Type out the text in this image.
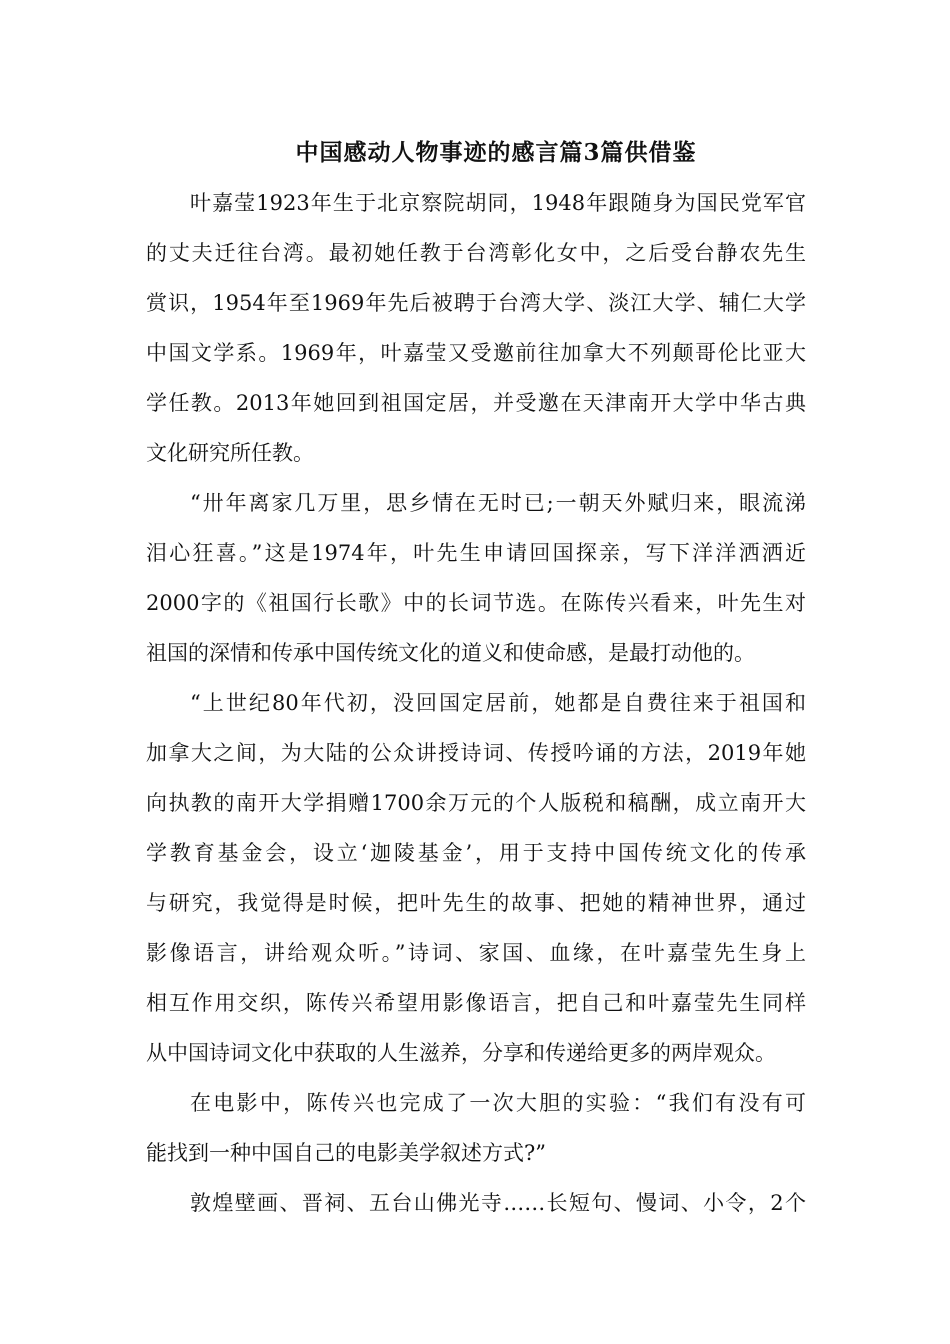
中国感动人物事迹的感言篇3篇供借鉴

叶嘉莹1923年生于北京察院胡同，1948年跟随身为国民党军官
的丈夫迁往台湾。最初她任教于台湾彰化女中，之后受台静农先生
赏识，1954年至1969年先后被聘于台湾大学、淡江大学、辅仁大学
中国文学系。1969年，叶嘉莹又受邀前往加拿大不列颠哥伦比亚大
学任教。2013年她回到祖国定居，并受邀在天津南开大学中华古典
文化研究所任教。

“卅年离家几万里，思乡情在无时已;一朝天外赋归来，眼流涕
泪心狂喜。”这是1974年，叶先生申请回国探亲，写下洋洋洒洒近
2000字的《祖国行长歌》中的长词节选。在陈传兴看来，叶先生对
祖国的深情和传承中国传统文化的道义和使命感，是最打动他的。

“上世纪80年代初，没回国定居前，她都是自费往来于祖国和
加拿大之间，为大陆的公众讲授诗词、传授吟诵的方法，2019年她
向执教的南开大学捐赠1700余万元的个人版税和稿酬，成立南开大
学教育基金会，设立‘迦陵基金’，用于支持中国传统文化的传承
与研究，我觉得是时候，把叶先生的故事、把她的精神世界，通过
影像语言，讲给观众听。”诗词、家国、血缘，在叶嘉莹先生身上
相互作用交织，陈传兴希望用影像语言，把自己和叶嘉莹先生同样
从中国诗词文化中获取的人生滋养，分享和传递给更多的两岸观众。

在电影中，陈传兴也完成了一次大胆的实验：“我们有没有可
能找到一种中国自己的电影美学叙述方式?”

敦煌壁画、晋祠、五台山佛光寺……长短句、慢词、小令，2个
